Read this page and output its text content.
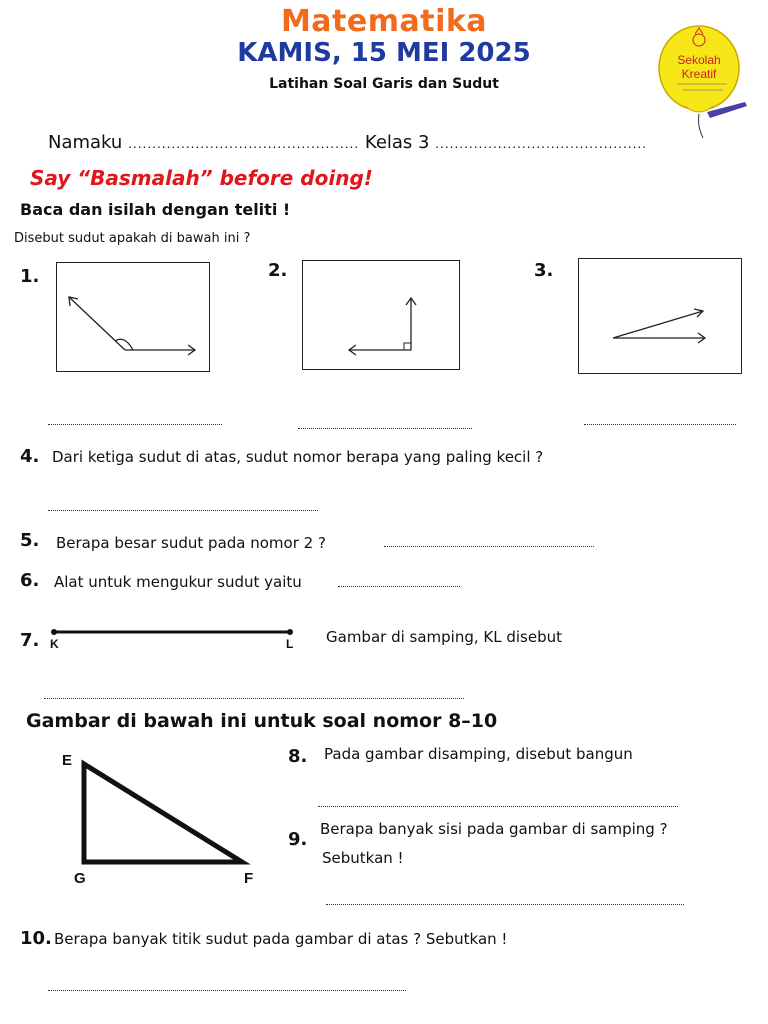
Matematika
KAMIS, 15 MEI 2025
Latihan Soal Garis dan Sudut
Sekolah
Kreatif
Namaku ................................................ Kelas 3 ............................................
Say “Basmalah” before doing!
Baca dan isilah dengan teliti !
Disebut sudut apakah di bawah ini ?
1.	2.	3.
4. Dari ketiga sudut di atas, sudut nomor berapa yang paling kecil ?
5. Berapa besar sudut pada nomor 2 ?
6. Alat untuk mengukur sudut yaitu
7. K	L Gambar di samping, KL disebut
Gambar di bawah ini untuk soal nomor 8–10
E
G	F
8. Pada gambar disamping, disebut bangun
9. Berapa banyak sisi pada gambar di samping ?
Sebutkan !
10. Berapa banyak titik sudut pada gambar di atas ? Sebutkan !
